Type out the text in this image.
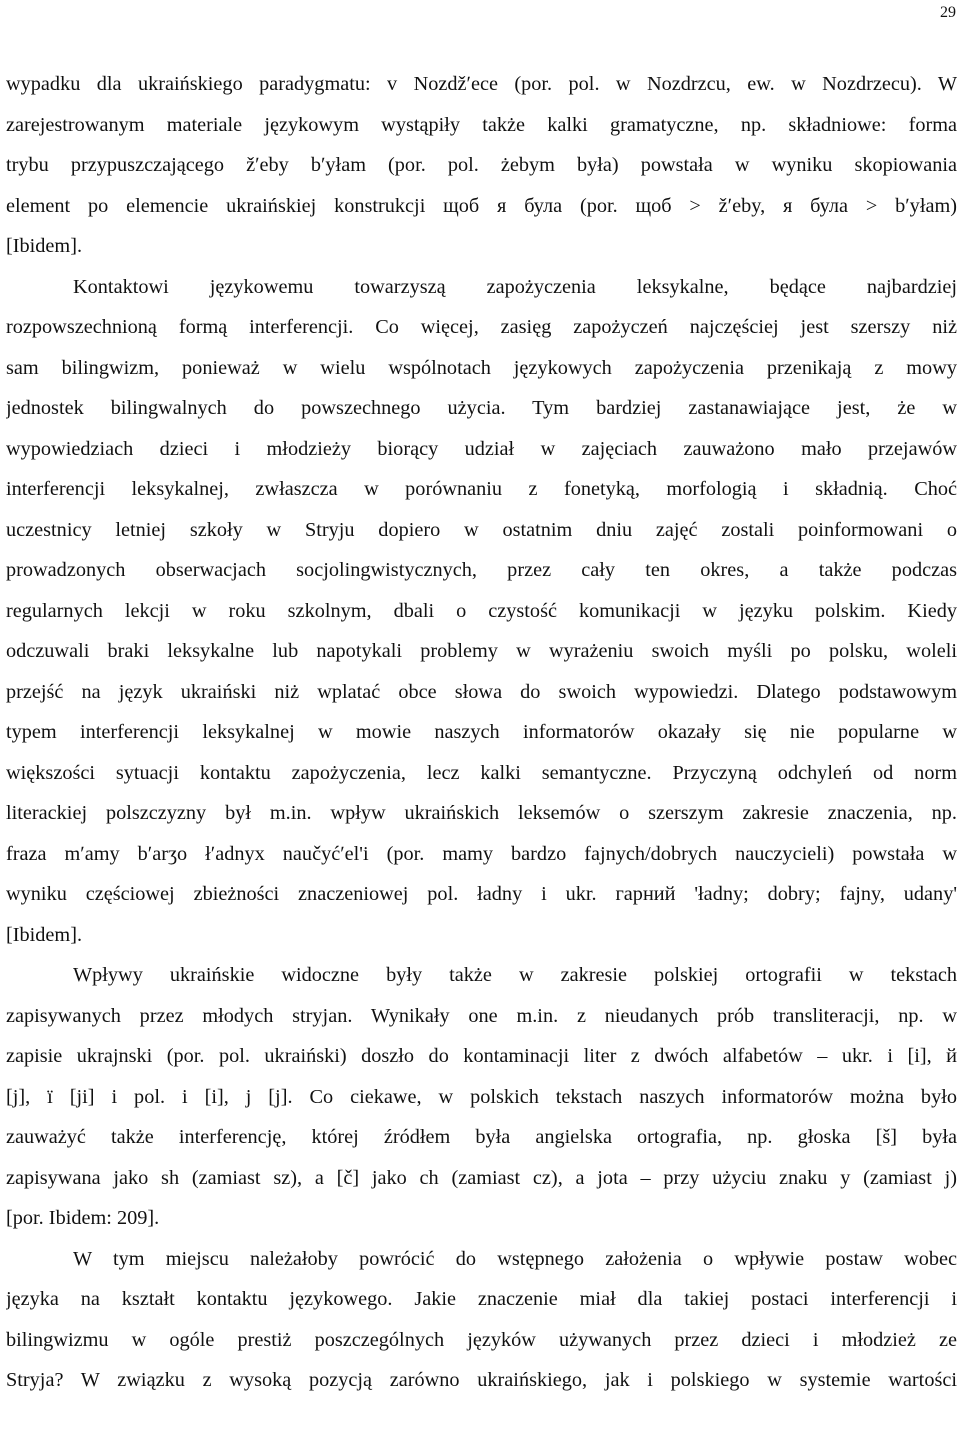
29
wypadku dla ukraińskiego paradygmatu: v Nozdžʹece (por. pol. w Nozdrzcu, ew. w Nozdrzecu). W
zarejestrowanym materiale językowym wystąpiły także kalki gramatyczne, np. składniowe: forma
trybu przypuszczającego žʹeby bʹyłam (por. pol. żebym była) powstała w wyniku skopiowania
element po elemencie ukraińskiej konstrukcji щоб я була (por. щоб > žʹeby, я була > bʹyłam)
[Ibidem].
Kontaktowi językowemu towarzyszą zapożyczenia leksykalne, będące najbardziej
rozpowszechnioną formą interferencji. Co więcej, zasięg zapożyczeń najczęściej jest szerszy niż
sam bilingwizm, ponieważ w wielu wspólnotach językowych zapożyczenia przenikają z mowy
jednostek bilingwalnych do powszechnego użycia. Tym bardziej zastanawiające jest, że w
wypowiedziach dzieci i młodzieży biorący udział w zajęciach zauważono mało przejawów
interferencji leksykalnej, zwłaszcza w porównaniu z fonetyką, morfologią i składnią. Choć
uczestnicy letniej szkoły w Stryju dopiero w ostatnim dniu zajęć zostali poinformowani o
prowadzonych obserwacjach socjolingwistycznych, przez cały ten okres, a także podczas
regularnych lekcji w roku szkolnym, dbali o czystość komunikacji w języku polskim. Kiedy
odczuwali braki leksykalne lub napotykali problemy w wyrażeniu swoich myśli po polsku, woleli
przejść na język ukraiński niż wplatać obce słowa do swoich wypowiedzi. Dlatego podstawowym
typem interferencji leksykalnej w mowie naszych informatorów okazały się nie popularne w
większości sytuacji kontaktu zapożyczenia, lecz kalki semantyczne. Przyczyną odchyleń od norm
literackiej polszczyzny był m.in. wpływ ukraińskich leksemów o szerszym zakresie znaczenia, np.
fraza mʹamy bʹarʒo łʹadnyx naučyćʹel'i (por. mamy bardzo fajnych/dobrych nauczycieli) powstała w
wyniku częściowej zbieżności znaczeniowej pol. ładny i ukr. гарний 'ładny; dobry; fajny, udany'
[Ibidem].
Wpływy ukraińskie widoczne były także w zakresie polskiej ortografii w tekstach
zapisywanych przez młodych stryjan. Wynikały one m.in. z nieudanych prób transliteracji, np. w
zapisie ukrajnski (por. pol. ukraiński) doszło do kontaminacji liter z dwóch alfabetów – ukr. і [i], й
[j], ї [ji] i pol. i [i], j [j]. Co ciekawe, w polskich tekstach naszych informatorów można było
zauważyć także interferencję, której źródłem była angielska ortografia, np. głoska [š] była
zapisywana jako sh (zamiast sz), a [č] jako ch (zamiast cz), a jota – przy użyciu znaku y (zamiast j)
[por. Ibidem: 209].
W tym miejscu należałoby powrócić do wstępnego założenia o wpływie postaw wobec
języka na kształt kontaktu językowego. Jakie znaczenie miał dla takiej postaci interferencji i
bilingwizmu w ogóle prestiż poszczególnych języków używanych przez dzieci i młodzież ze
Stryja? W związku z wysoką pozycją zarówno ukraińskiego, jak i polskiego w systemie wartości
